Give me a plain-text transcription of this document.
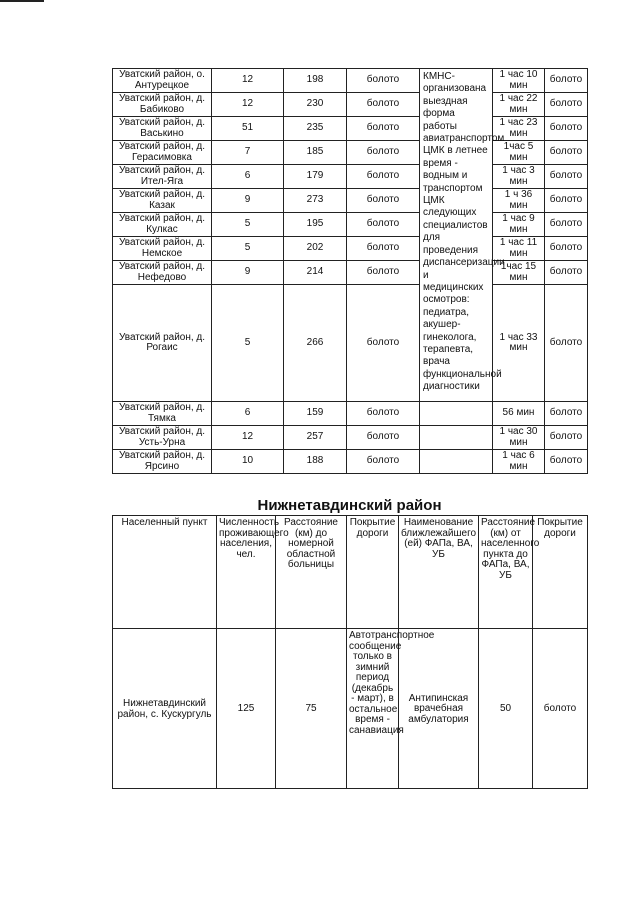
Уватский район, о. Антурецкое	12	198	болото	КМНС-организована выездная форма работы авиатранспортом ЦМК в летнее время - водным и транспортом ЦМК следующих специалистов для проведения диспансеризации и медицинских осмотров: педиатра, акушер-гинеколога, терапевта, врача функциональной диагностики	1 час 10 мин	болото
Уватский район, д. Бабиково	12	230	болото		1 час 22 мин	болото
Уватский район, д. Васькино	51	235	болото		1 час 23 мин	болото
Уватский район, д. Герасимовка	7	185	болото		1час 5 мин	болото
Уватский район, д. Ител-Яга	6	179	болото		1 час 3 мин	болото
Уватский район, д. Казак	9	273	болото		1 ч 36 мин	болото
Уватский район, д. Кулкас	5	195	болото		1 час 9 мин	болото
Уватский район, д. Немское	5	202	болото		1 час 11 мин	болото
Уватский район, д. Нефедово	9	214	болото		1час 15 мин	болото
Уватский район, д. Рогаис	5	266	болото		1 час 33 мин	болото
Уватский район, д. Тямка	6	159	болото		56 мин	болото
Уватский район, д. Усть-Урна	12	257	болото		1 час 30 мин	болото
Уватский район, д. Ярсино	10	188	болото		1 час 6 мин	болото
Нижнетавдинский район
Населенный пункт	Численность проживающего населения, чел.	Расстояние (км) до номерной областной больницы	Покрытие дороги	Наименование ближлежайшего (ей) ФАПа, ВА, УБ	Расстояние (км) от населенного пункта до ФАПа, ВА, УБ	Покрытие дороги
Нижнетавдинский район, с. Кускургуль	125	75	Автотранспортное сообщение только в зимний период (декабрь - март), в остальное время - санавиация	Антипинская врачебная амбулатория	50	болото
